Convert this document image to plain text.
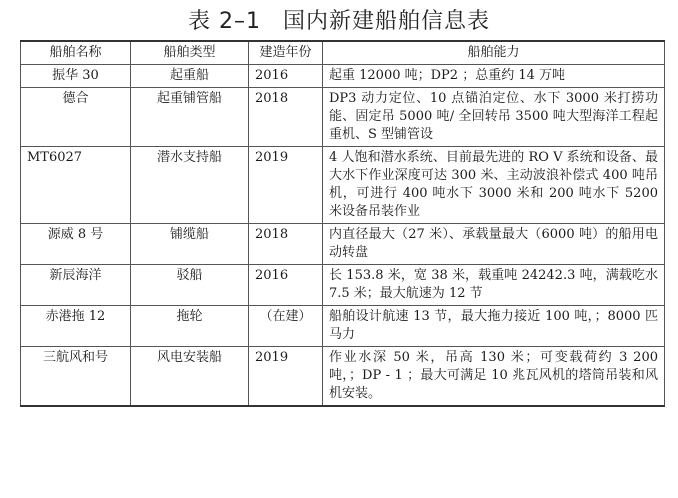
表 2–1 国内新建船舶信息表
船舶名称	船舶类型	建造年份	船舶能力
振华 30	起重船	2016	起重 12000 吨；DP2 ；总重约 14 万吨
德合	起重铺管船	2018	DP3 动力定位、10 点锚泊定位、水下 3000 米打捞功能、固定吊 5000 吨/ 全回转吊 3500 吨大型海洋工程起重机、S 型铺管设
MT6027	潜水支持船	2019	4 人饱和潜水系统、目前最先进的 RO V 系统和设备、最大水下作业深度可达 300 米、主动波浪补偿式 400 吨吊机，可进行 400 吨水下 3000 米和 200 吨水下 5200 米设备吊装作业
源威 8 号	铺缆船	2018	内直径最大（27 米）、承载量最大（6000 吨）的船用电动转盘
新辰海洋	驳船	2016	长 153.8 米，宽 38 米，载重吨 24242.3 吨，满载吃水 7.5 米；最大航速为 12 节
赤港拖 12	拖轮	（在建）	船舶设计航速 13 节，最大拖力接近 100 吨，；8000 匹马力
三航风和号	风电安装船	2019	作业水深 50 米，吊高 130 米；可变载荷约 3 200 吨，；DP - 1 ；最大可满足 10 兆瓦风机的塔筒吊装和风机安装。
